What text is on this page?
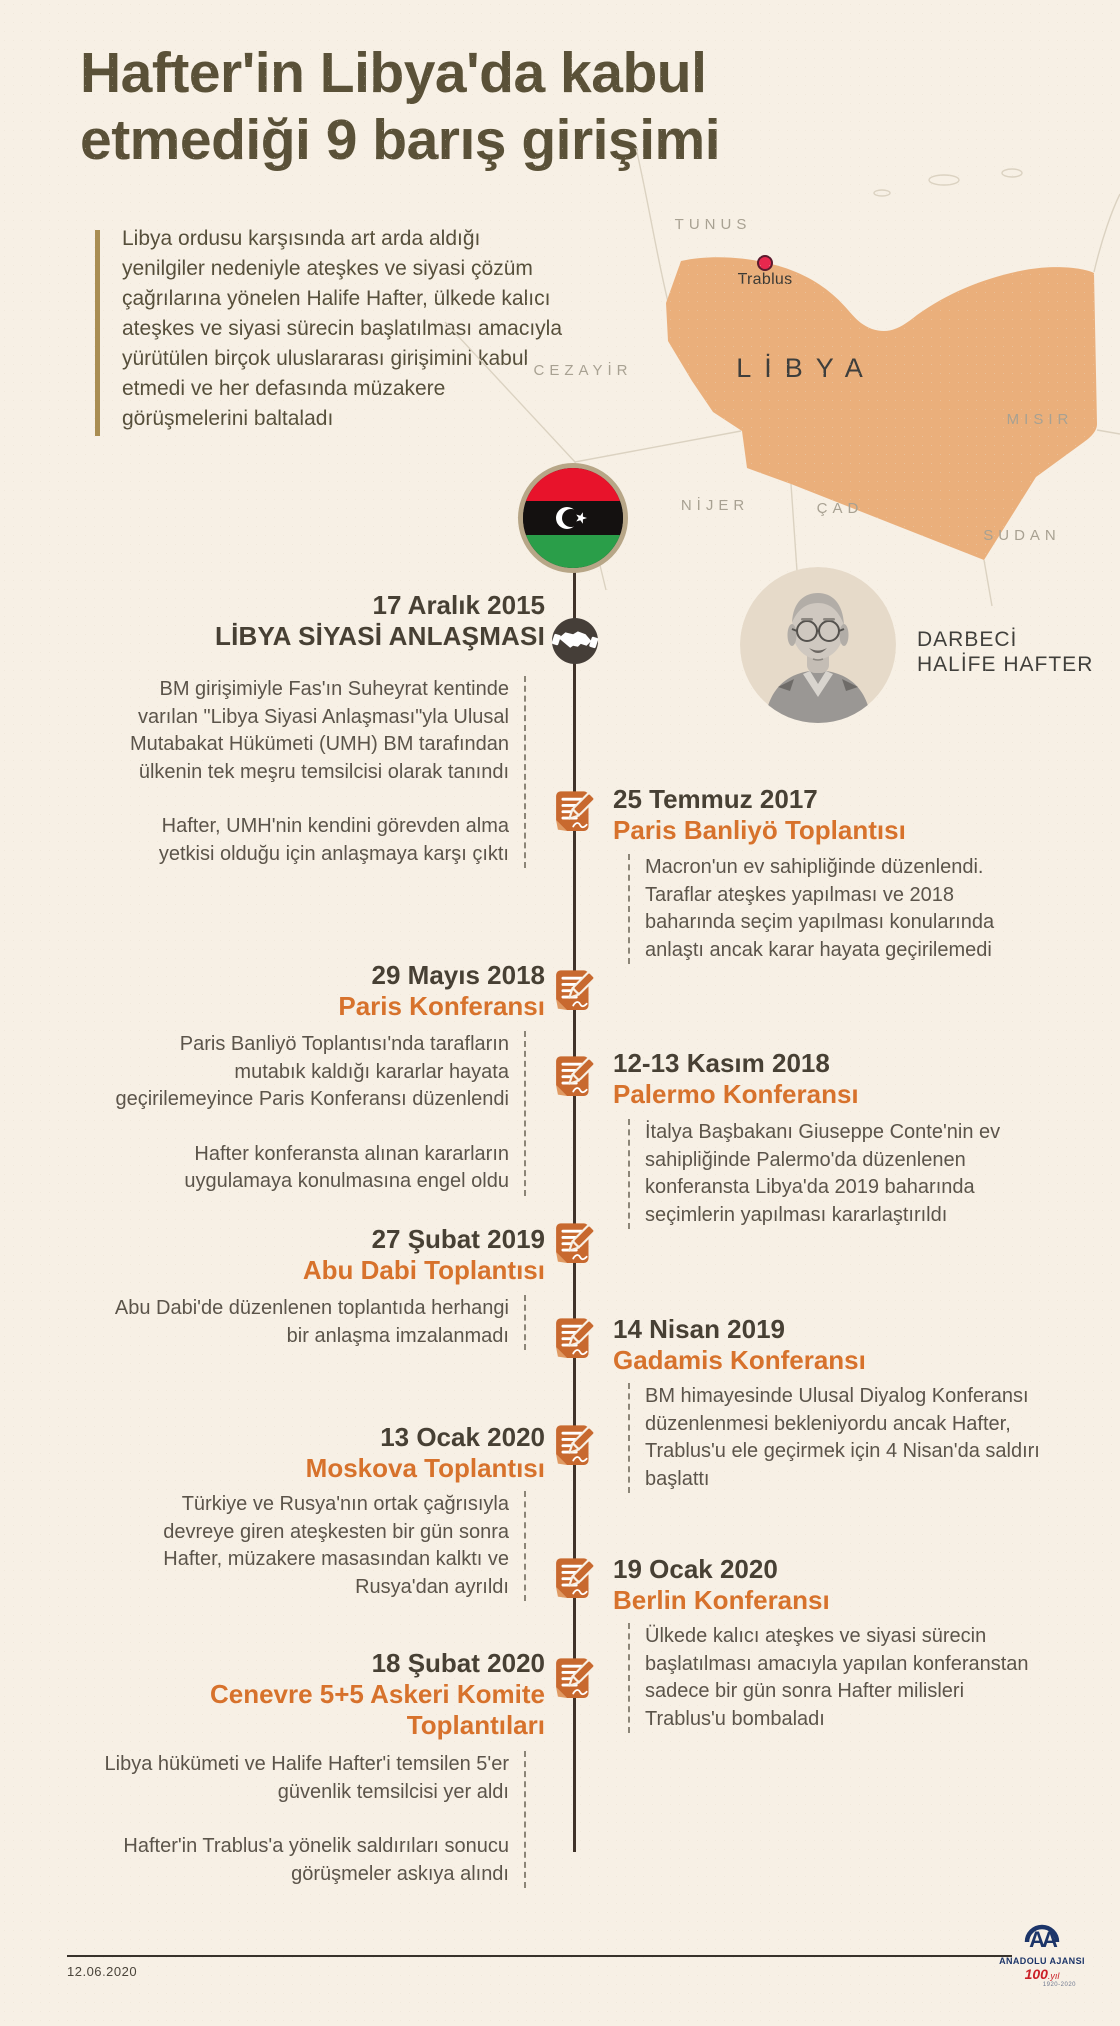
Hafter'in Libya'da kabul
etmediği 9 barış girişimi

Libya ordusu karşısında art arda aldığı yenilgiler nedeniyle ateşkes ve siyasi çözüm çağrılarına yönelen Halife Hafter, ülkede kalıcı ateşkes ve siyasi sürecin başlatılması amacıyla yürütülen birçok uluslararası girişimini kabul etmedi ve her defasında müzakere görüşmelerini baltaladı

TUNUS
CEZAYİR	LİBYA
MISIR
NİJER	ÇAD
SUDAN
Trablus
DARBECİ
HALİFE HAFTER
17 Aralık 2015
LİBYA SİYASİ ANLAŞMASI

BM girişimiyle Fas'ın Suheyrat kentinde varılan "Libya Siyasi Anlaşması"yla Ulusal Mutabakat Hükümeti (UMH) BM tarafından ülkenin tek meşru temsilcisi olarak tanındı

Hafter, UMH'nin kendini görevden alma yetkisi olduğu için anlaşmaya karşı çıktı

25 Temmuz 2017
Paris Banliyö Toplantısı

Macron'un ev sahipliğinde düzenlendi. Taraflar ateşkes yapılması ve 2018 baharında seçim yapılması konularında anlaştı ancak karar hayata geçirilemedi

29 Mayıs 2018
Paris Konferansı

Paris Banliyö Toplantısı'nda tarafların mutabık kaldığı kararlar hayata geçirilemeyince Paris Konferansı düzenlendi

Hafter konferansta alınan kararların uygulamaya konulmasına engel oldu

12-13 Kasım 2018
Palermo Konferansı

İtalya Başbakanı Giuseppe Conte'nin ev sahipliğinde Palermo'da düzenlenen konferansta Libya'da 2019 baharında seçimlerin yapılması kararlaştırıldı

27 Şubat 2019
Abu Dabi Toplantısı

Abu Dabi'de düzenlenen toplantıda herhangi bir anlaşma imzalanmadı	14 Nisan 2019
Gadamis Konferansı

BM himayesinde Ulusal Diyalog Konferansı düzenlenmesi bekleniyordu ancak Hafter, Trablus'u ele geçirmek için 4 Nisan'da saldırı başlattı

13 Ocak 2020
Moskova Toplantısı

Türkiye ve Rusya'nın ortak çağrısıyla devreye giren ateşkesten bir gün sonra Hafter, müzakere masasından kalktı ve Rusya'dan ayrıldı

19 Ocak 2020
Berlin Konferansı

Ülkede kalıcı ateşkes ve siyasi sürecin başlatılması amacıyla yapılan konferanstan sadece bir gün sonra Hafter milisleri Trablus'u bombaladı

18 Şubat 2020
Cenevre 5+5 Askeri Komite Toplantıları

Libya hükümeti ve Halife Hafter'i temsilen 5'er güvenlik temsilcisi yer aldı

Hafter'in Trablus'a yönelik saldırıları sonucu görüşmeler askıya alındı

12.06.2020
AA
ANADOLU AJANSI
100.yıl
1920-2020
